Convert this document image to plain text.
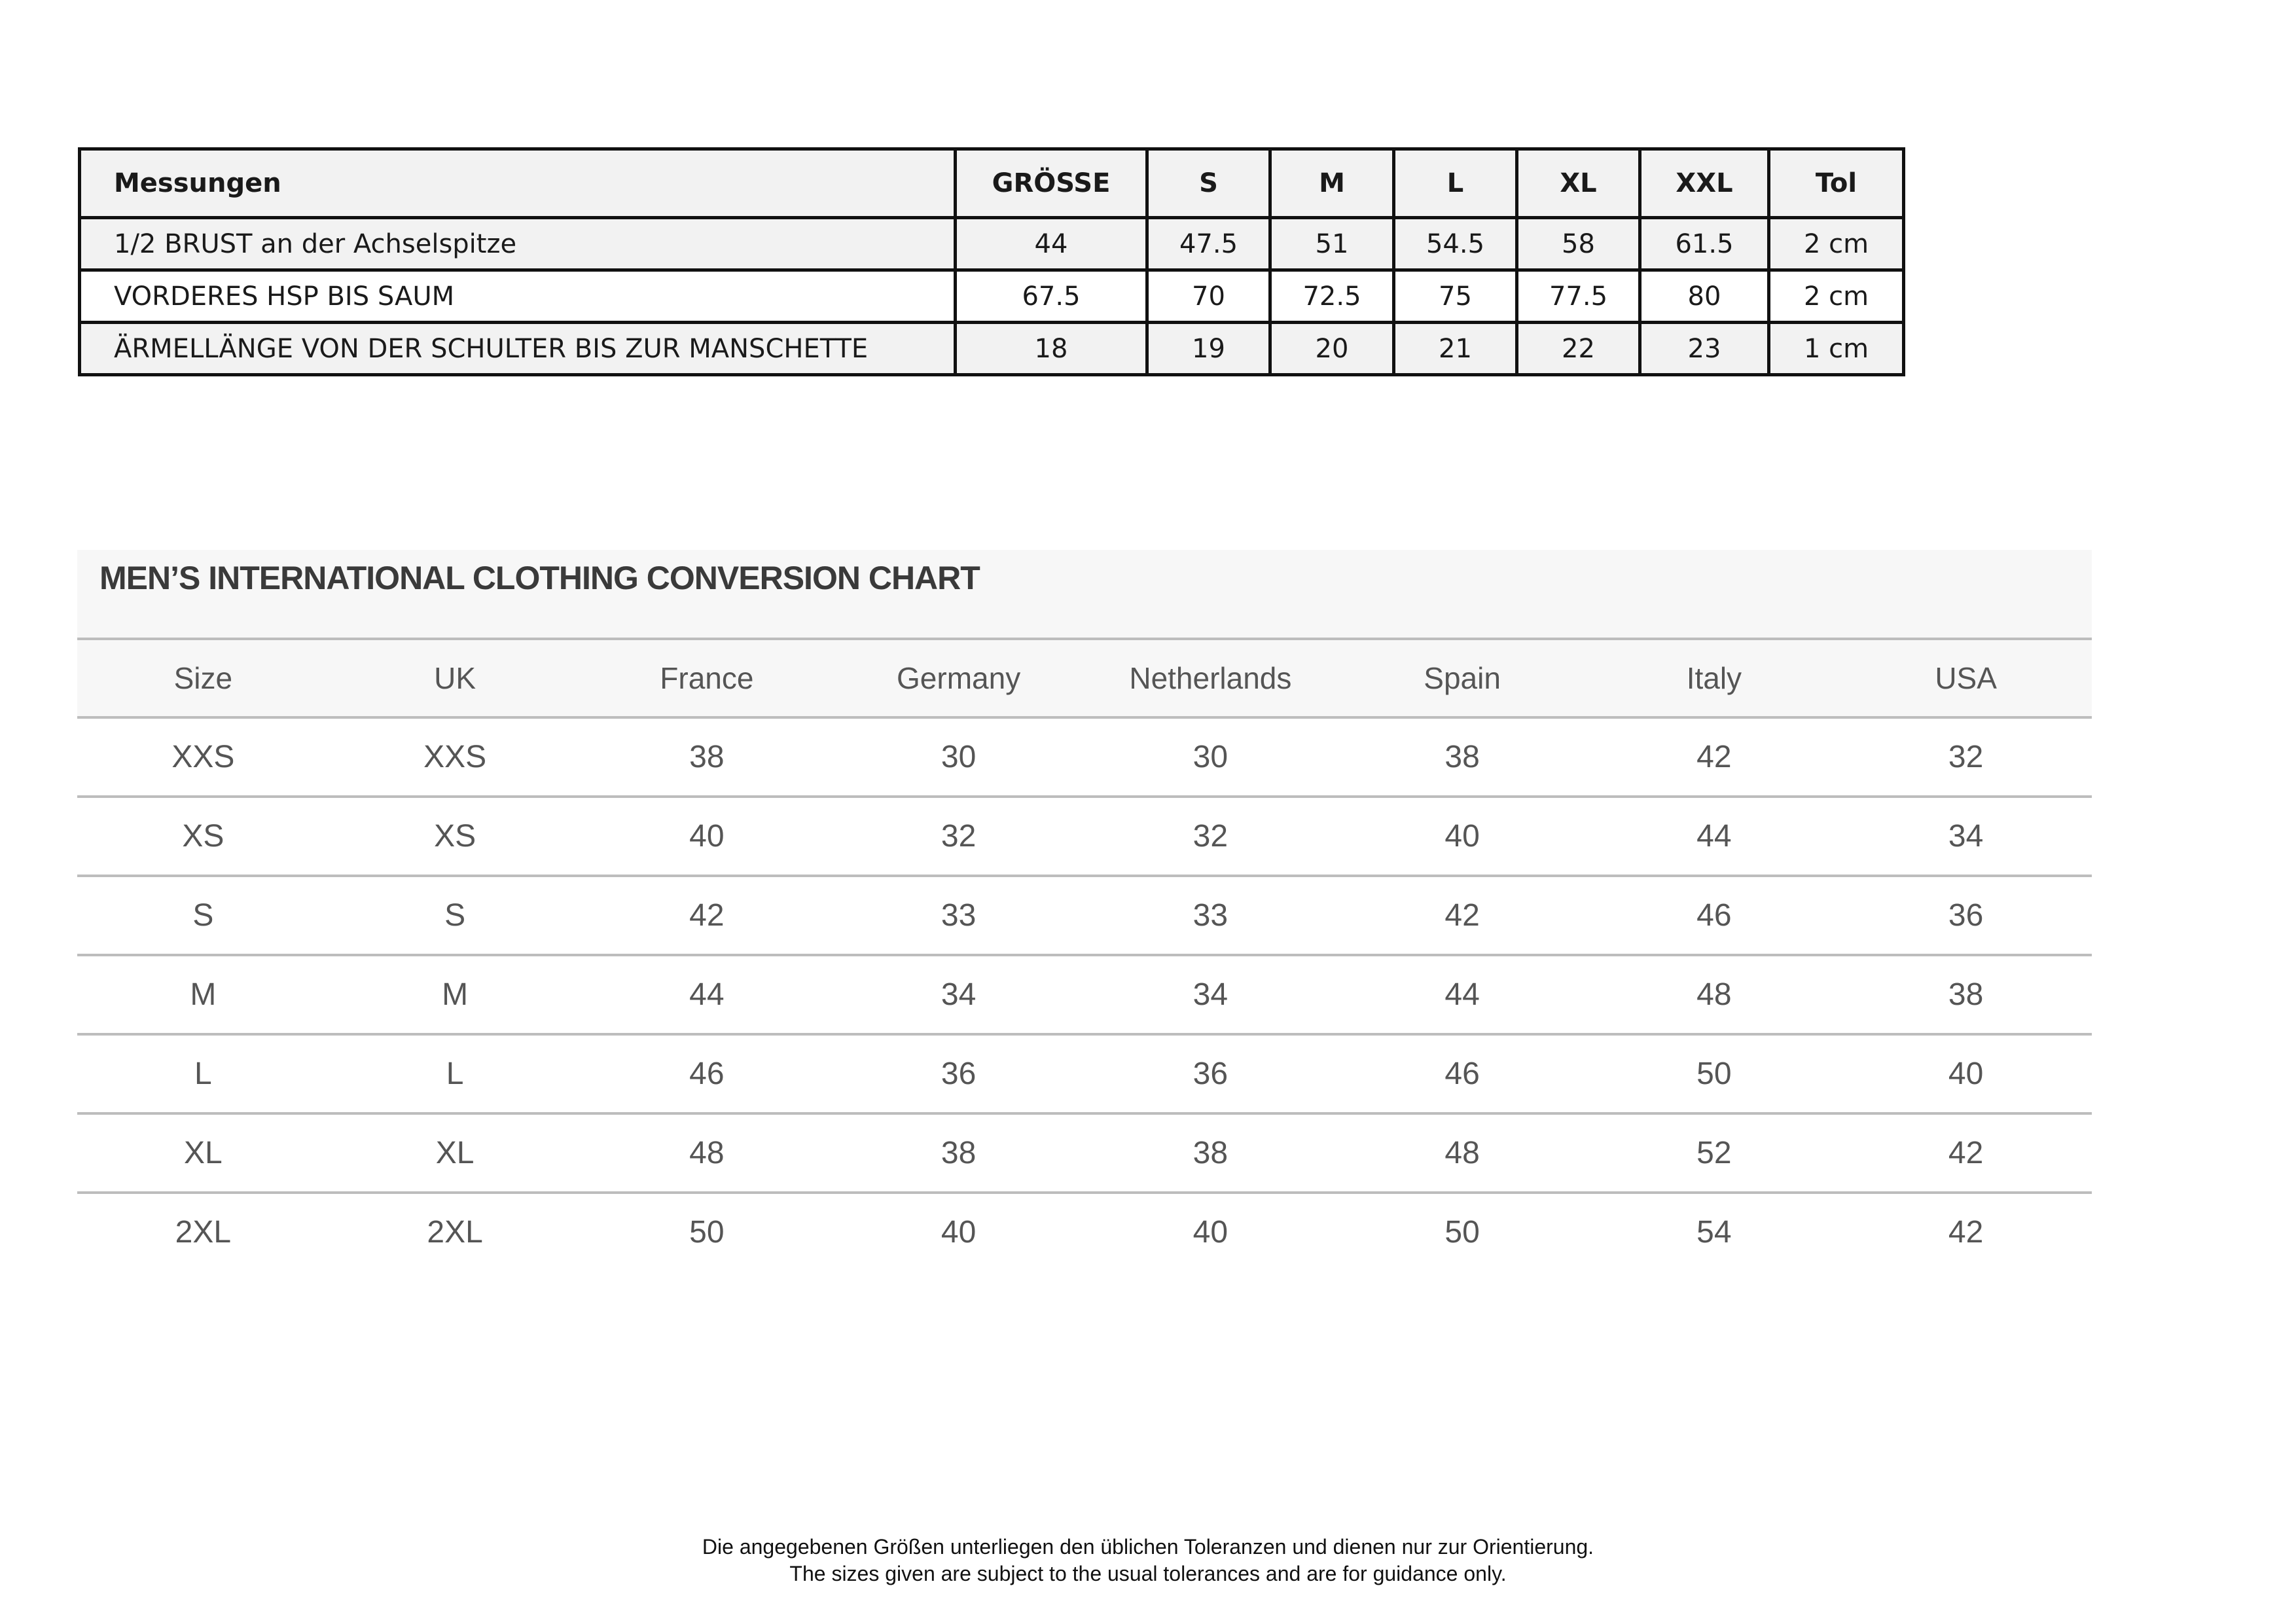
Messungen	GRÖSSE	S	M	L	XL	XXL	Tol
1/2 BRUST an der Achselspitze	44	47.5	51	54.5	58	61.5	2 cm
VORDERES HSP BIS SAUM	67.5	70	72.5	75	77.5	80	2 cm
ÄRMELLÄNGE VON DER SCHULTER BIS ZUR MANSCHETTE	18	19	20	21	22	23	1 cm
MEN’S INTERNATIONAL CLOTHING CONVERSION CHART
Size	UK	France	Germany	Netherlands	Spain	Italy	USA
XXS	XXS	38	30	30	38	42	32
XS	XS	40	32	32	40	44	34
S	S	42	33	33	42	46	36
M	M	44	34	34	44	48	38
L	L	46	36	36	46	50	40
XL	XL	48	38	38	48	52	42
2XL	2XL	50	40	40	50	54	42
Die angegebenen Größen unterliegen den üblichen Toleranzen und dienen nur zur Orientierung.
The sizes given are subject to the usual tolerances and are for guidance only.
